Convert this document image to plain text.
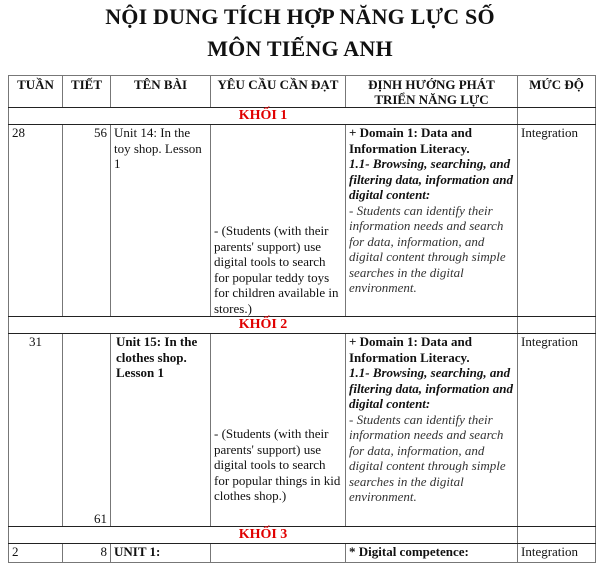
NỘI DUNG TÍCH HỢP NĂNG LỰC SỐ
MÔN TIẾNG ANH
TUẦN	TIẾT	TÊN BÀI	YÊU CẦU CẦN ĐẠT	ĐỊNH HƯỚNG PHÁT TRIỂN NĂNG LỰC	MỨC ĐỘ
KHỐI 1					
28	56	Unit 14: In the toy shop. Lesson 1	- (Students (with their parents' support) use digital tools to search for popular teddy toys for children available in stores.)	+ Domain 1: Data and Information Literacy.
1.1- Browsing, searching, and filtering data, information and digital content:
- Students can identify their information needs and search for data, information, and digital content through simple searches in the digital environment.	Integration
KHỐI 2					
31	61	Unit 15: In the clothes shop. Lesson 1	- (Students (with their parents' support) use digital tools to search for popular things in kid clothes shop.)	+ Domain 1: Data and Information Literacy.
1.1- Browsing, searching, and filtering data, information and digital content:
- Students can identify their information needs and search for data, information, and digital content through simple searches in the digital environment.	Integration
KHỐI 3					
2	8	UNIT 1:		* Digital competence:	Integration
